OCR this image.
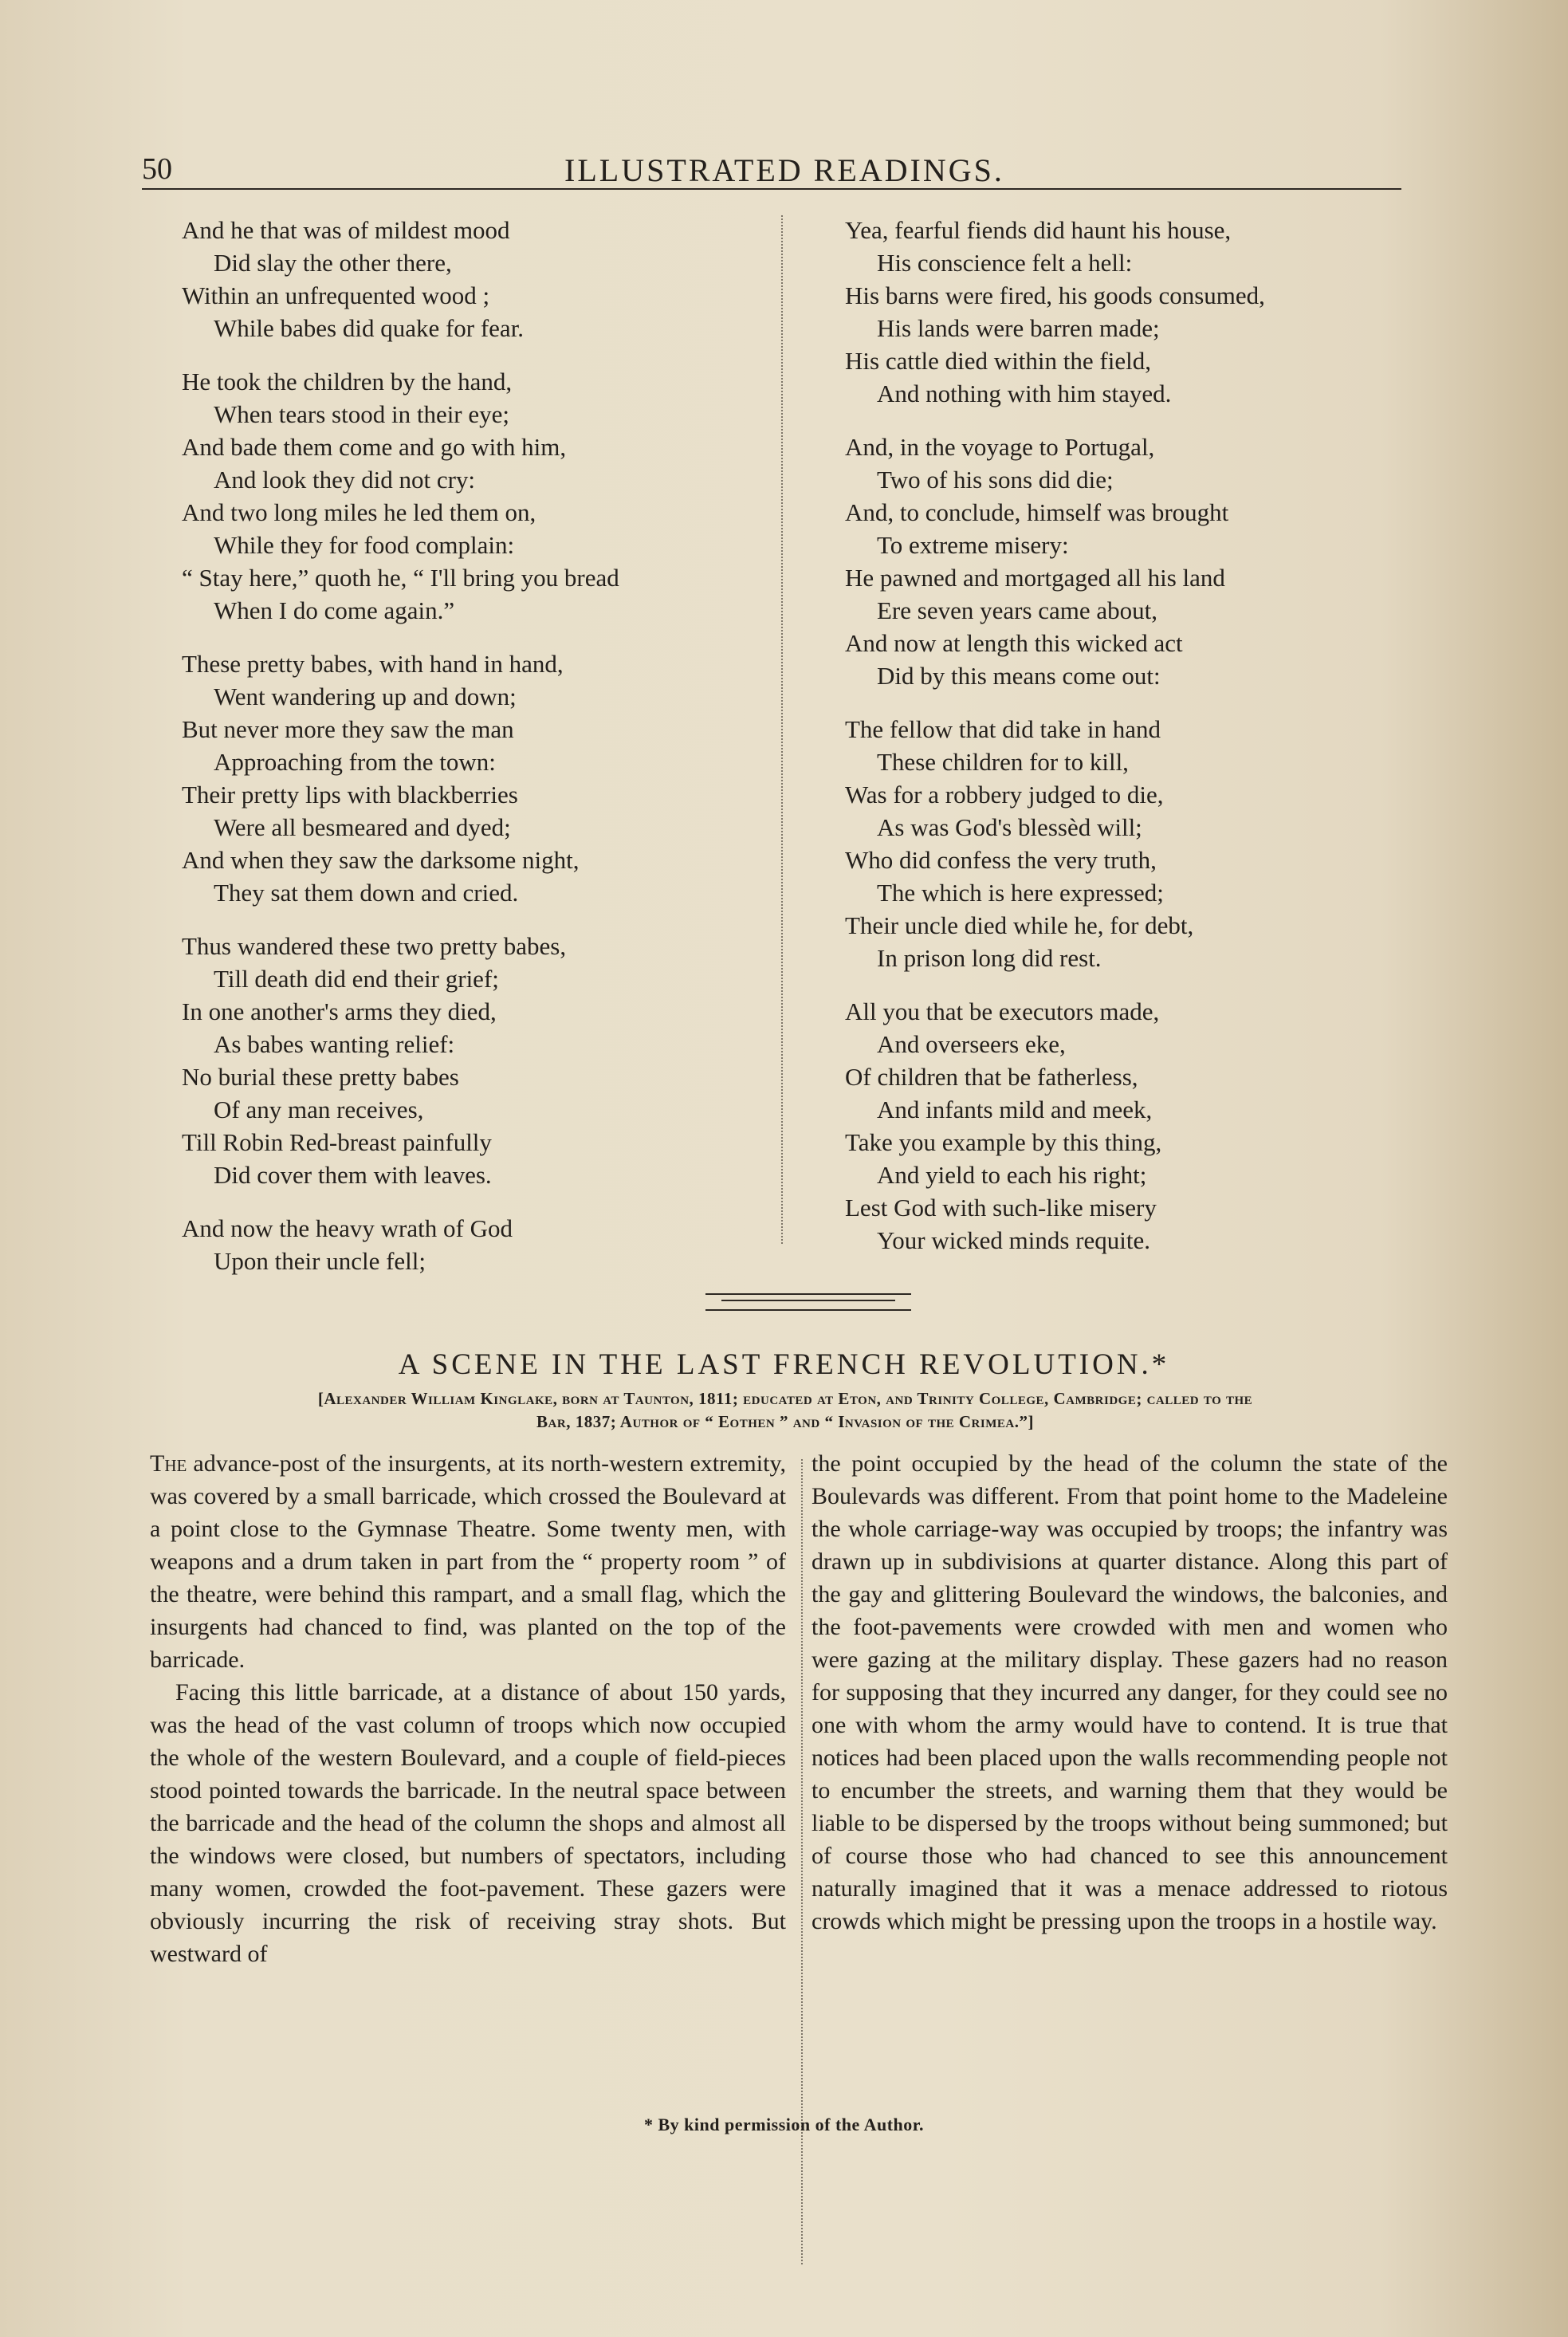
50	ILLUSTRATED READINGS.
And he that was of mildest mood
Did slay the other there,
Within an unfrequented wood ;
While babes did quake for fear.
He took the children by the hand,
When tears stood in their eye;
And bade them come and go with him,
And look they did not cry:
And two long miles he led them on,
While they for food complain:
“ Stay here,” quoth he, “ I'll bring you bread
When I do come again.”
These pretty babes, with hand in hand,
Went wandering up and down;
But never more they saw the man
Approaching from the town:
Their pretty lips with blackberries
Were all besmeared and dyed;
And when they saw the darksome night,
They sat them down and cried.
Thus wandered these two pretty babes,
Till death did end their grief;
In one another's arms they died,
As babes wanting relief:
No burial these pretty babes
Of any man receives,
Till Robin Red-breast painfully
Did cover them with leaves.
And now the heavy wrath of God
Upon their uncle fell;
Yea, fearful fiends did haunt his house,
His conscience felt a hell:
His barns were fired, his goods consumed,
His lands were barren made;
His cattle died within the field,
And nothing with him stayed.
And, in the voyage to Portugal,
Two of his sons did die;
And, to conclude, himself was brought
To extreme misery:
He pawned and mortgaged all his land
Ere seven years came about,
And now at length this wicked act
Did by this means come out:
The fellow that did take in hand
These children for to kill,
Was for a robbery judged to die,
As was God's blessèd will;
Who did confess the very truth,
The which is here expressed;
Their uncle died while he, for debt,
In prison long did rest.
All you that be executors made,
And overseers eke,
Of children that be fatherless,
And infants mild and meek,
Take you example by this thing,
And yield to each his right;
Lest God with such-like misery
Your wicked minds requite.
A SCENE IN THE LAST FRENCH REVOLUTION.*
[Alexander William Kinglake, born at Taunton, 1811; educated at Eton, and Trinity College, Cambridge; called to the
Bar, 1837; Author of “ Eothen ” and “ Invasion of the Crimea.”]

The advance-post of the insurgents, at its north-western extremity, was covered by a small barricade, which crossed the Boulevard at a point close to the Gymnase Theatre. Some twenty men, with weapons and a drum taken in part from the “ property room ” of the theatre, were behind this rampart, and a small flag, which the insurgents had chanced to find, was planted on the top of the barricade.

Facing this little barricade, at a distance of about 150 yards, was the head of the vast column of troops which now occupied the whole of the western Boulevard, and a couple of field-pieces stood pointed towards the barricade. In the neutral space between the barricade and the head of the column the shops and almost all the windows were closed, but numbers of spectators, including many women, crowded the foot-pavement. These gazers were obviously incurring the risk of receiving stray shots. But westward of

the point occupied by the head of the column the state of the Boulevards was different. From that point home to the Madeleine the whole carriage-way was occupied by troops; the infantry was drawn up in subdivisions at quarter distance. Along this part of the gay and glittering Boulevard the windows, the balconies, and the foot-pavements were crowded with men and women who were gazing at the military display. These gazers had no reason for supposing that they incurred any danger, for they could see no one with whom the army would have to contend. It is true that notices had been placed upon the walls recommending people not to encumber the streets, and warning them that they would be liable to be dispersed by the troops without being summoned; but of course those who had chanced to see this announcement naturally imagined that it was a menace addressed to riotous crowds which might be pressing upon the troops in a hostile way.

* By kind permission of the Author.
